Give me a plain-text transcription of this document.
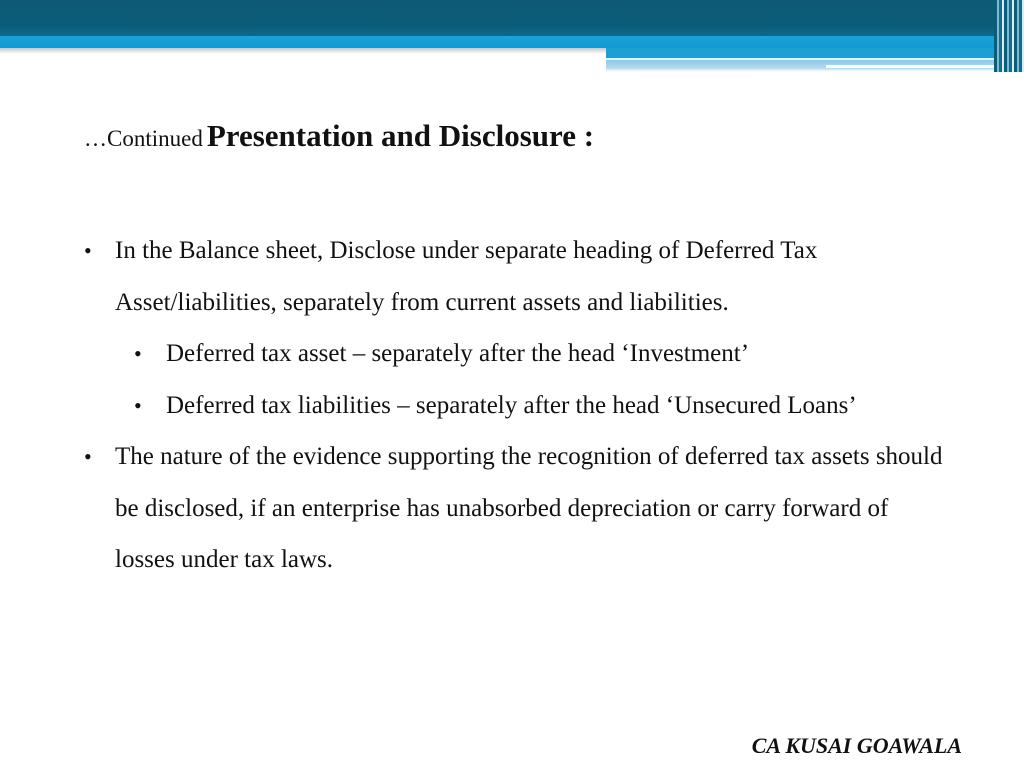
…Continued Presentation and Disclosure :
• In the Balance sheet, Disclose under separate heading of Deferred Tax Asset/liabilities, separately from current assets and liabilities.
• Deferred tax asset – separately after the head ‘Investment’
• Deferred tax liabilities – separately after the head ‘Unsecured Loans’
• The nature of the evidence supporting the recognition of deferred tax assets should be disclosed, if an enterprise has unabsorbed depreciation or carry forward of losses under tax laws.
CA KUSAI GOAWALA
